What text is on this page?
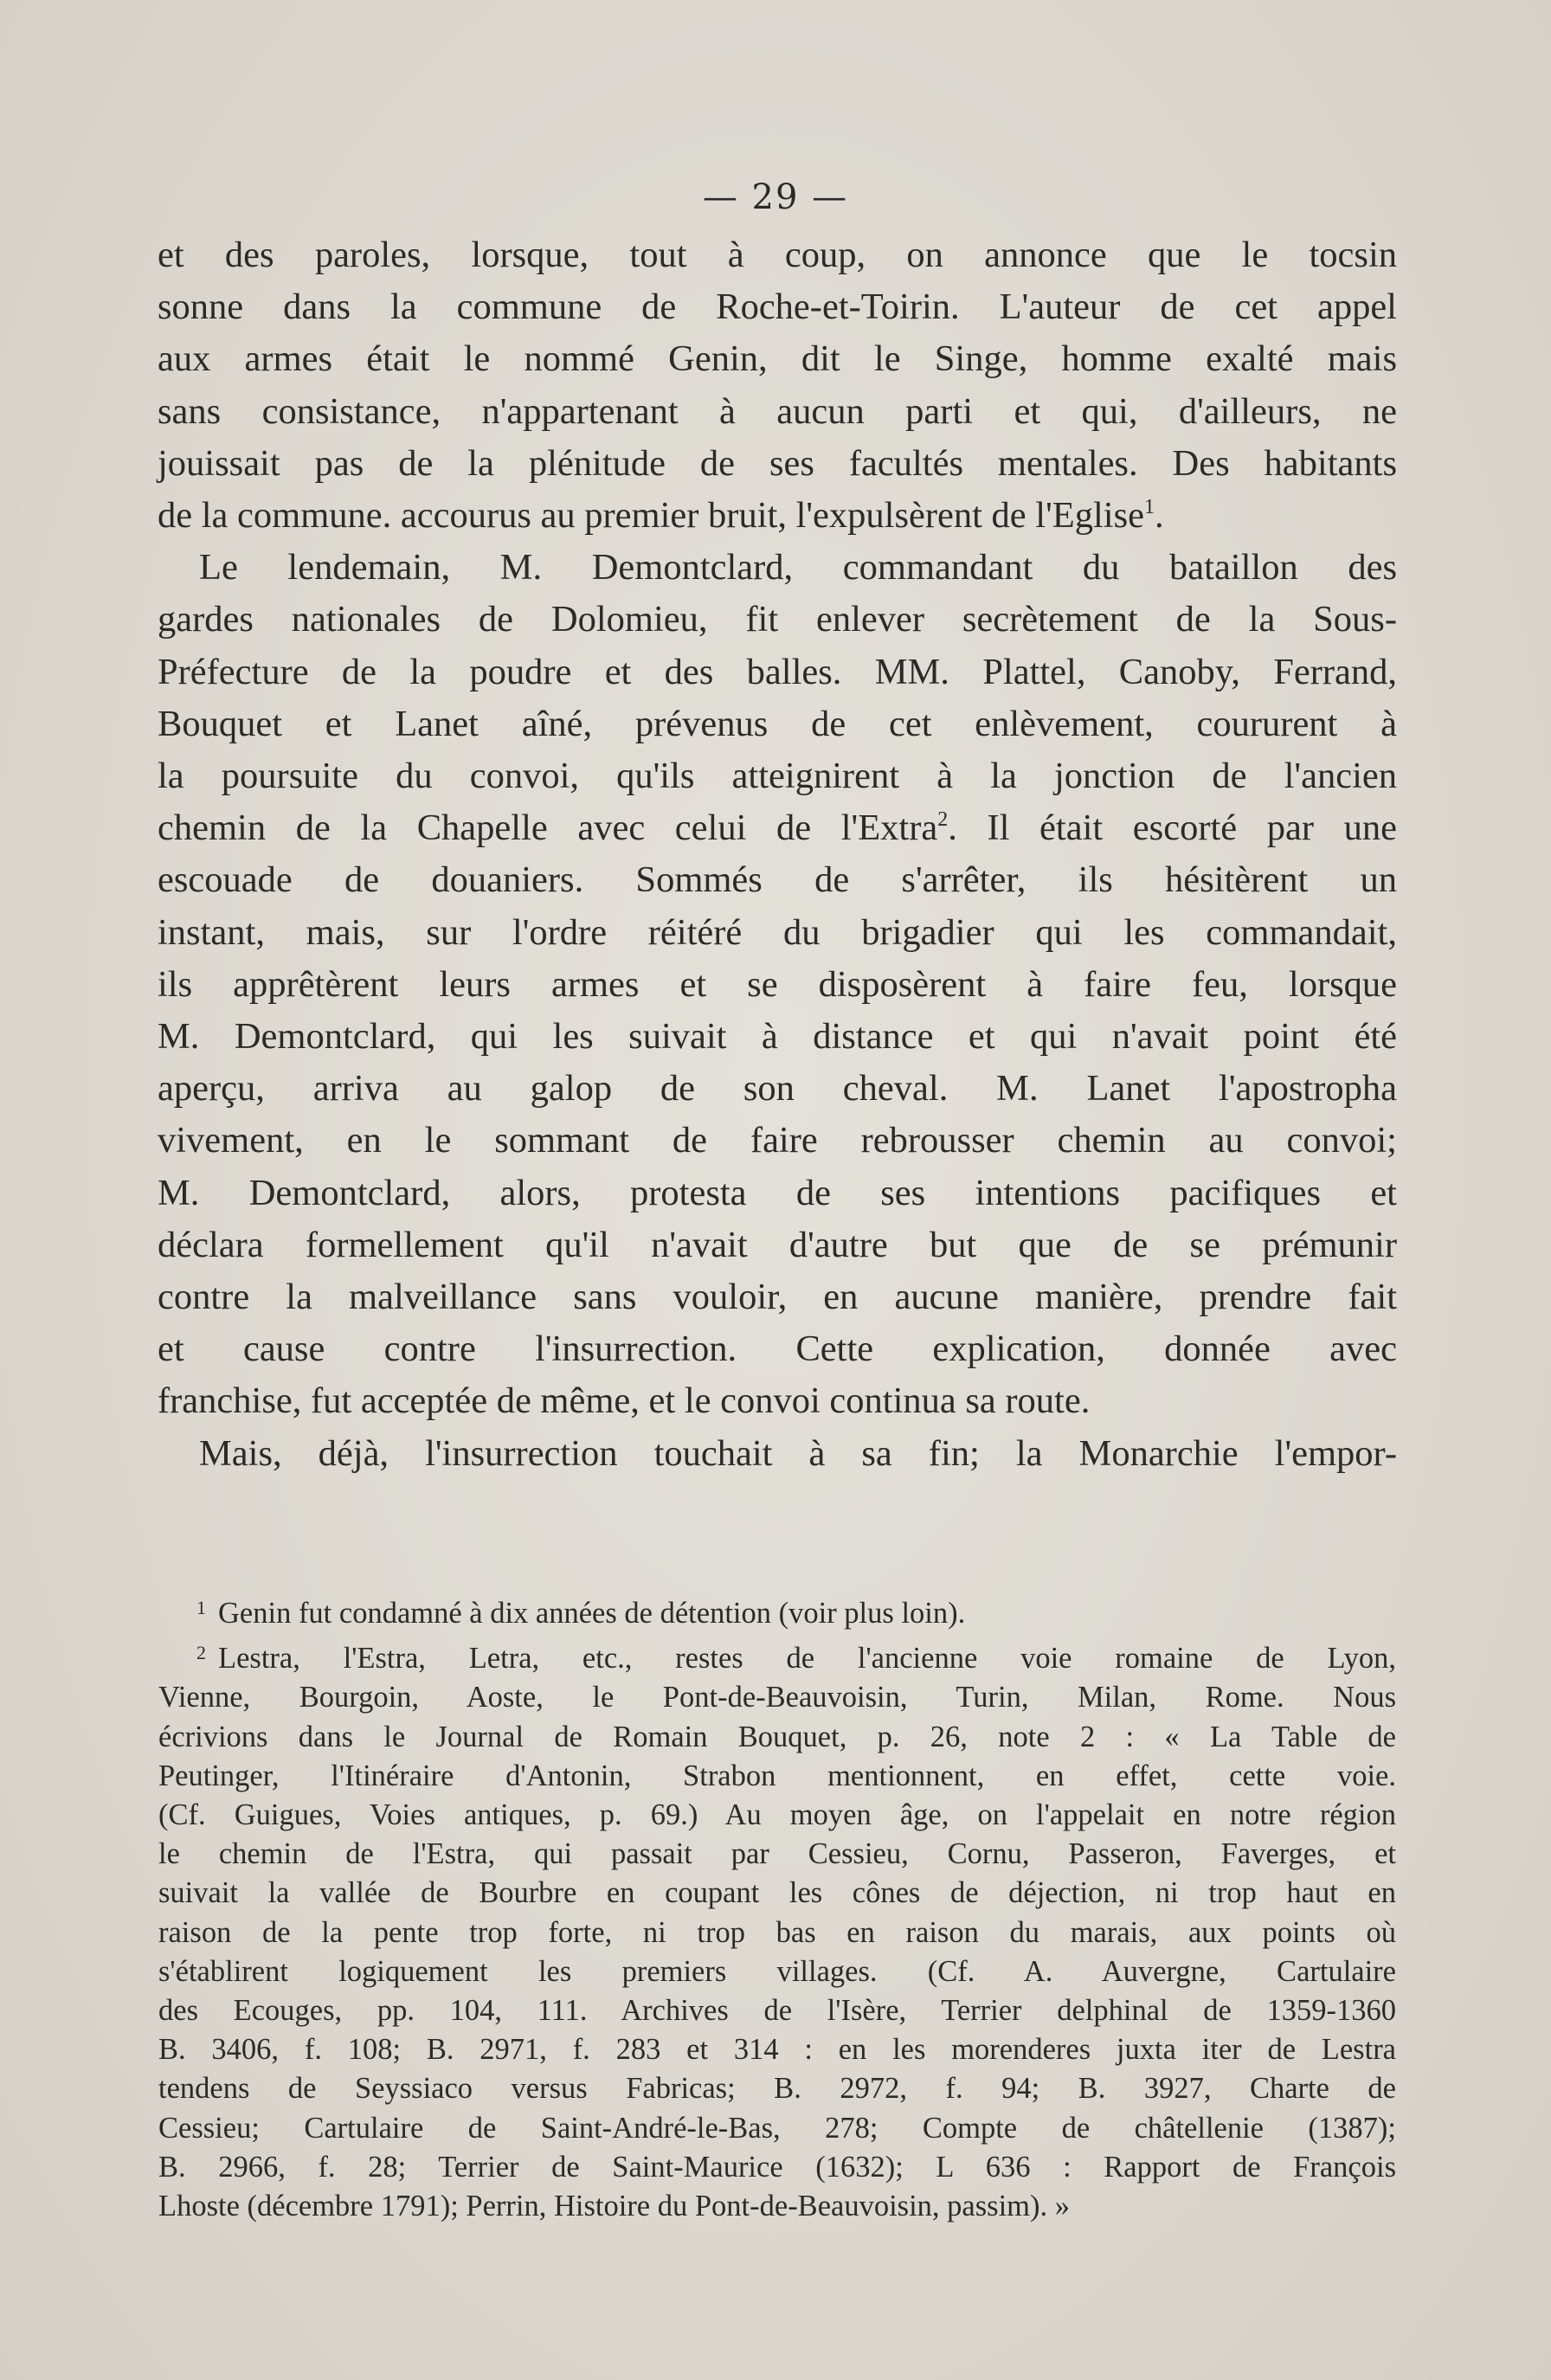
— 29 —
et des paroles, lorsque, tout à coup, on annonce que le tocsin
sonne dans la commune de Roche-et-Toirin. L'auteur de cet appel
aux armes était le nommé Genin, dit le Singe, homme exalté mais
sans consistance, n'appartenant à aucun parti et qui, d'ailleurs, ne
jouissait pas de la plénitude de ses facultés mentales. Des habitants
de la commune. accourus au premier bruit, l'expulsèrent de l'Eglise$^1$.
Le lendemain, M. Demontclard, commandant du bataillon des
gardes nationales de Dolomieu, fit enlever secrètement de la Sous-
Préfecture de la poudre et des balles. MM. Plattel, Canoby, Ferrand,
Bouquet et Lanet aîné, prévenus de cet enlèvement, coururent à
la poursuite du convoi, qu'ils atteignirent à la jonction de l'ancien
chemin de la Chapelle avec celui de l'Extra$^2$. Il était escorté par une
escouade de douaniers. Sommés de s'arrêter, ils hésitèrent un
instant, mais, sur l'ordre réitéré du brigadier qui les commandait,
ils apprêtèrent leurs armes et se disposèrent à faire feu, lorsque
M. Demontclard, qui les suivait à distance et qui n'avait point été
aperçu, arriva au galop de son cheval. M. Lanet l'apostropha
vivement, en le sommant de faire rebrousser chemin au convoi;
M. Demontclard, alors, protesta de ses intentions pacifiques et
déclara formellement qu'il n'avait d'autre but que de se prémunir
contre la malveillance sans vouloir, en aucune manière, prendre fait
et cause contre l'insurrection. Cette explication, donnée avec
franchise, fut acceptée de même, et le convoi continua sa route.
Mais, déjà, l'insurrection touchait à sa fin; la Monarchie l'empor-
$^1$ Genin fut condamné à dix années de détention (voir plus loin).
$^2$ Lestra, l'Estra, Letra, etc., restes de l'ancienne voie romaine de Lyon,
Vienne, Bourgoin, Aoste, le Pont-de-Beauvoisin, Turin, Milan, Rome. Nous
écrivions dans le Journal de Romain Bouquet, p. 26, note 2 : « La Table de
Peutinger, l'Itinéraire d'Antonin, Strabon mentionnent, en effet, cette voie.
(Cf. Guigues, Voies antiques, p. 69.) Au moyen âge, on l'appelait en notre région
le chemin de l'Estra, qui passait par Cessieu, Cornu, Passeron, Faverges, et
suivait la vallée de Bourbre en coupant les cônes de déjection, ni trop haut en
raison de la pente trop forte, ni trop bas en raison du marais, aux points où
s'établirent logiquement les premiers villages. (Cf. A. Auvergne, Cartulaire
des Ecouges, pp. 104, 111. Archives de l'Isère, Terrier delphinal de 1359-1360
B. 3406, f. 108; B. 2971, f. 283 et 314 : en les morenderes juxta iter de Lestra
tendens de Seyssiaco versus Fabricas; B. 2972, f. 94; B. 3927, Charte de
Cessieu; Cartulaire de Saint-André-le-Bas, 278; Compte de châtellenie (1387);
B. 2966, f. 28; Terrier de Saint-Maurice (1632); L 636 : Rapport de François
Lhoste (décembre 1791); Perrin, Histoire du Pont-de-Beauvoisin, passim). »
